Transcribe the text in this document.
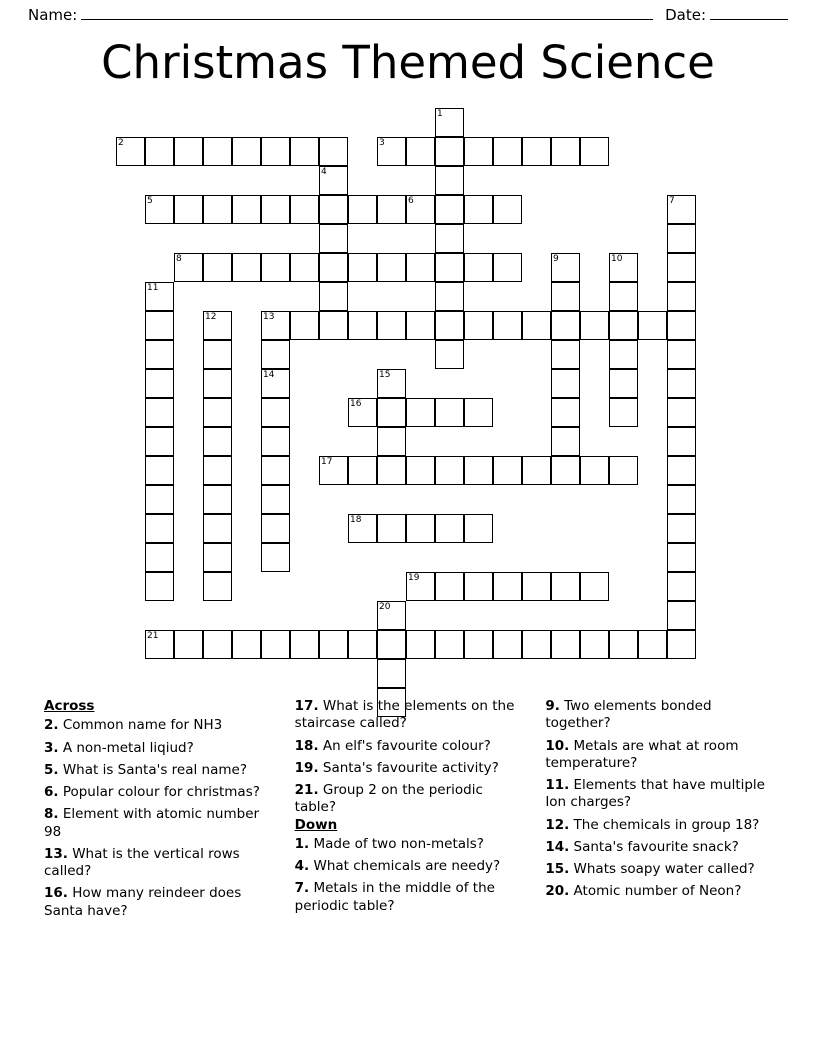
Name:	Date:
Christmas Themed Science
1
2	3
4
5	6	7
8	9	10
11
12	13
14	15
16
17
18
19
20
21
Across
2. Common name for NH3
3. A non-metal liqiud?
5. What is Santa's real name?
6. Popular colour for christmas?
8. Element with atomic number 98
13. What is the vertical rows called?
16. How many reindeer does Santa have?
17. What is the elements on the staircase called?
18. An elf's favourite colour?
19. Santa's favourite activity?
21. Group 2 on the periodic table?
Down
1. Made of two non-metals?
4. What chemicals are needy?
7. Metals in the middle of the periodic table?
9. Two elements bonded together?
10. Metals are what at room temperature?
11. Elements that have multiple Ion charges?
12. The chemicals in group 18?
14. Santa's favourite snack?
15. Whats soapy water called?
20. Atomic number of Neon?
